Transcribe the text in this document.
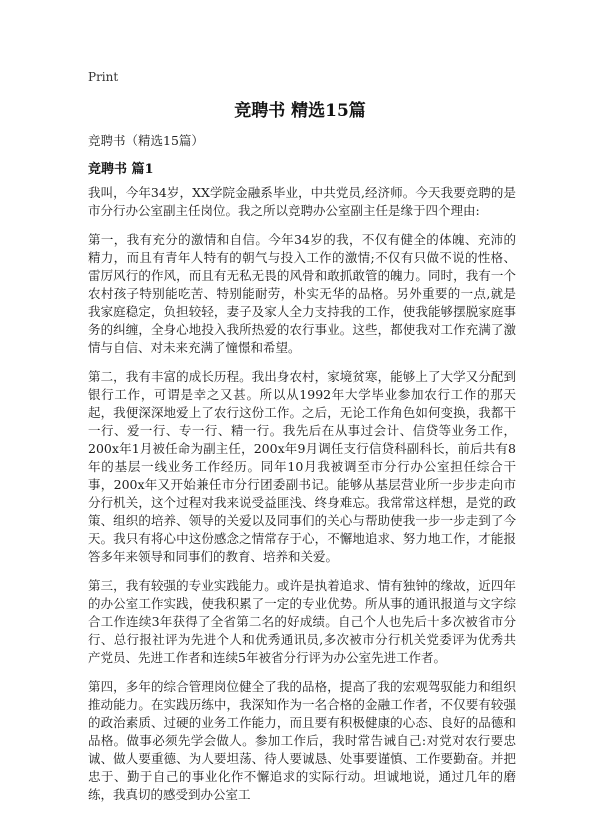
Print
竞聘书 精选15篇
竞聘书（精选15篇）
竞聘书 篇1

我叫，今年34岁，XX学院金融系毕业，中共党员,经济师。今天我要竞聘的是市分行办公室副主任岗位。我之所以竞聘办公室副主任是缘于四个理由:

第一，我有充分的激情和自信。今年34岁的我，不仅有健全的体魄、充沛的精力，而且有青年人特有的朝气与投入工作的激情;不仅有只做不说的性格、雷厉风行的作风，而且有无私无畏的风骨和敢抓敢管的魄力。同时，我有一个农村孩子特别能吃苦、特别能耐劳，朴实无华的品格。另外重要的一点,就是我家庭稳定，负担较轻，妻子及家人全力支持我的工作，使我能够摆脱家庭事务的纠缠，全身心地投入我所热爱的农行事业。这些，都使我对工作充满了激情与自信、对未来充满了憧憬和希望。

第二，我有丰富的成长历程。我出身农村，家境贫寒，能够上了大学又分配到银行工作，可谓是幸之又甚。所以从1992年大学毕业参加农行工作的那天起，我便深深地爱上了农行这份工作。之后，无论工作角色如何变换，我都干一行、爱一行、专一行、精一行。我先后在从事过会计、信贷等业务工作，200x年1月被任命为副主任，200x年9月调任支行信贷科副科长，前后共有8年的基层一线业务工作经历。同年10月我被调至市分行办公室担任综合干事，200x年又开始兼任市分行团委副书记。能够从基层营业所一步步走向市分行机关，这个过程对我来说受益匪浅、终身难忘。我常常这样想，是党的政策、组织的培养、领导的关爱以及同事们的关心与帮助使我一步一步走到了今天。我只有将心中这份感念之情常存于心，不懈地追求、努力地工作，才能报答多年来领导和同事们的教育、培养和关爱。

第三，我有较强的专业实践能力。或许是执着追求、情有独钟的缘故，近四年的办公室工作实践，使我积累了一定的专业优势。所从事的通讯报道与文字综合工作连续3年获得了全省第二名的好成绩。自己个人也先后十多次被省市分行、总行报社评为先进个人和优秀通讯员,多次被市分行机关党委评为优秀共产党员、先进工作者和连续5年被省分行评为办公室先进工作者。

第四，多年的综合管理岗位健全了我的品格，提高了我的宏观驾驭能力和组织推动能力。在实践历练中，我深知作为一名合格的金融工作者，不仅要有较强的政治素质、过硬的业务工作能力，而且要有积极健康的心态、良好的品德和品格。做事必须先学会做人。参加工作后，我时常告诫自己:对党对农行要忠诚、做人要重德、为人要坦荡、待人要诚恳、处事要谨慎、工作要勤奋。并把忠于、勤于自己的事业化作不懈追求的实际行动。坦诚地说，通过几年的磨练，我真切的感受到办公室工
